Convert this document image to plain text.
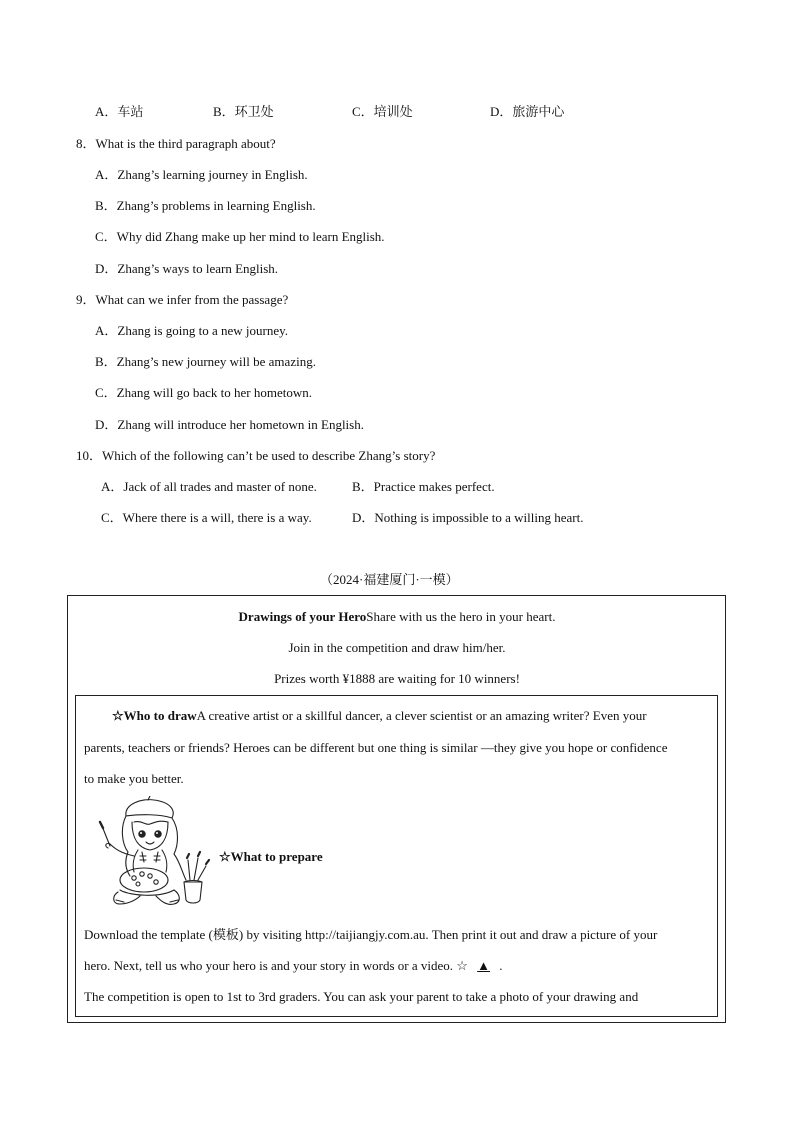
A．车站	B．环卫处	C．培训处	D．旅游中心
8．What is the third paragraph about?
A．Zhang’s learning journey in English.
B．Zhang’s problems in learning English.
C．Why did Zhang make up her mind to learn English.
D．Zhang’s ways to learn English.
9．What can we infer from the passage?
A．Zhang is going to a new journey.
B．Zhang’s new journey will be amazing.
C．Zhang will go back to her hometown.
D．Zhang will introduce her hometown in English.
10．Which of the following can’t be used to describe Zhang’s story?
A．Jack of all trades and master of none.	B．Practice makes perfect.
C．Where there is a will, there is a way.	D．Nothing is impossible to a willing heart.
（2024·福建厦门·一模）
Drawings of your HeroShare with us the hero in your heart.
Join in the competition and draw him/her.
Prizes worth ¥1888 are waiting for 10 winners!
☆Who to drawA creative artist or a skillful dancer, a clever scientist or an amazing writer? Even your
parents, teachers or friends? Heroes can be different but one thing is similar —they give you hope or confidence
to make you better.
☆What to prepare
Download the template (模板) by visiting http://taijiangjy.com.au. Then print it out and draw a picture of your
hero. Next, tell us who your hero is and your story in words or a video. ☆ ▲ .
The competition is open to 1st to 3rd graders. You can ask your parent to take a photo of your drawing and
